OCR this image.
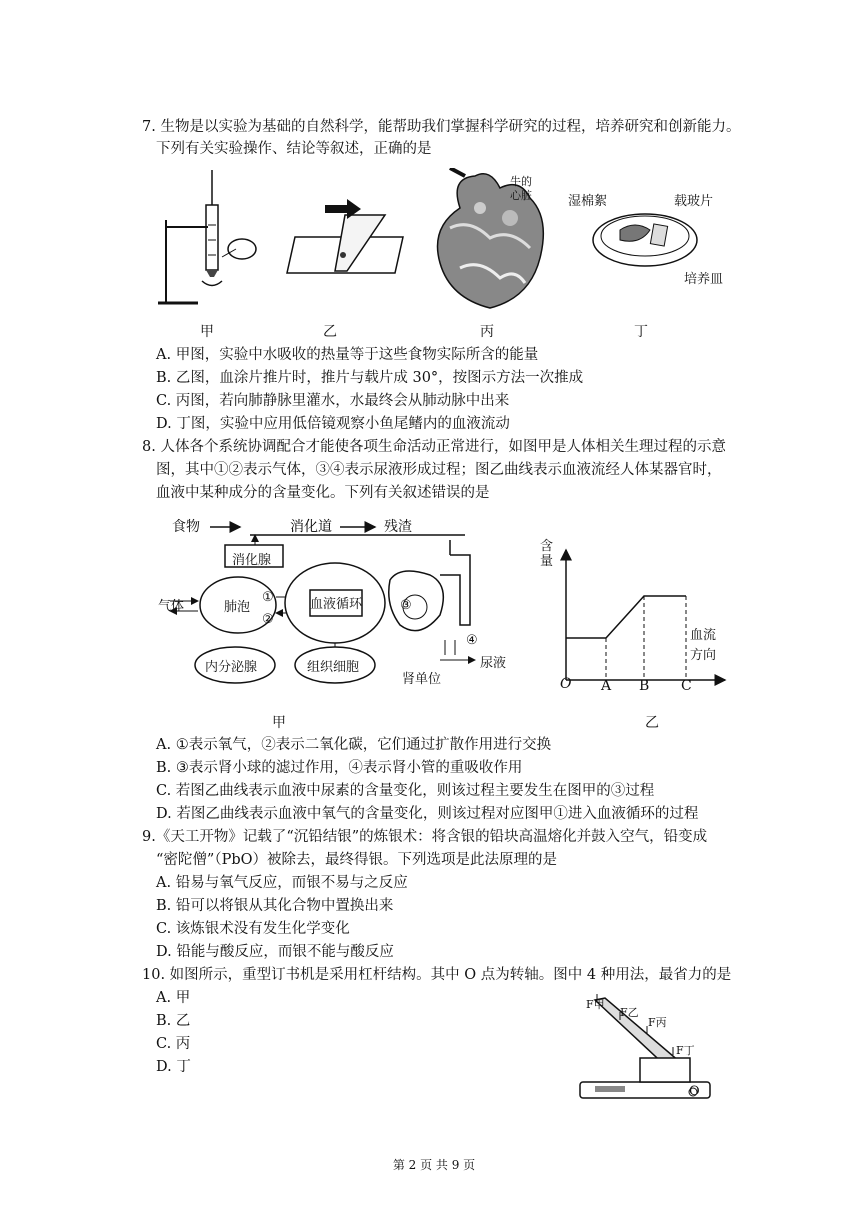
7. 生物是以实验为基础的自然科学，能帮助我们掌握科学研究的过程，培养研究和创新能力。
下列有关实验操作、结论等叙述，正确的是
甲	乙
牛的
心脏
丙
湿棉絮	载玻片
培养皿
丁
A. 甲图，实验中水吸收的热量等于这些食物实际所含的能量
B. 乙图，血涂片推片时，推片与载片成 30°，按图示方法一次推成
C. 丙图，若向肺静脉里灌水，水最终会从肺动脉中出来
D. 丁图，实验中应用低倍镜观察小鱼尾鳍内的血液流动
8. 人体各个系统协调配合才能使各项生命活动正常进行，如图甲是人体相关生理过程的示意
图，其中①②表示气体，③④表示尿液形成过程；图乙曲线表示血液流经人体某器官时，
血液中某种成分的含量变化。下列有关叙述错误的是
消化道
食物	残渣
消化腺
气体	肺泡
①
②
血液循环	③
④
内分泌腺	组织细胞
肾单位
尿液
甲
含
量
血流
方向
O A B C
乙
A. ①表示氧气，②表示二氧化碳，它们通过扩散作用进行交换
B. ③表示肾小球的滤过作用，④表示肾小管的重吸收作用
C. 若图乙曲线表示血液中尿素的含量变化，则该过程主要发生在图甲的③过程
D. 若图乙曲线表示血液中氧气的含量变化，则该过程对应图甲①进入血液循环的过程
9.《天工开物》记载了“沉铅结银”的炼银术：将含银的铅块高温熔化并鼓入空气，铅变成
“密陀僧”（PbO）被除去，最终得银。下列选项是此法原理的是
A. 铅易与氧气反应，而银不易与之反应
B. 铅可以将银从其化合物中置换出来
C. 该炼银术没有发生化学变化
D. 铅能与酸反应，而银不能与酸反应
10. 如图所示，重型订书机是采用杠杆结构。其中 O 点为转轴。图中 4 种用法，最省力的是
A. 甲
B. 乙
C. 丙
D. 丁
F甲
F乙
F丙
F丁
O
第 2 页 共 9 页
